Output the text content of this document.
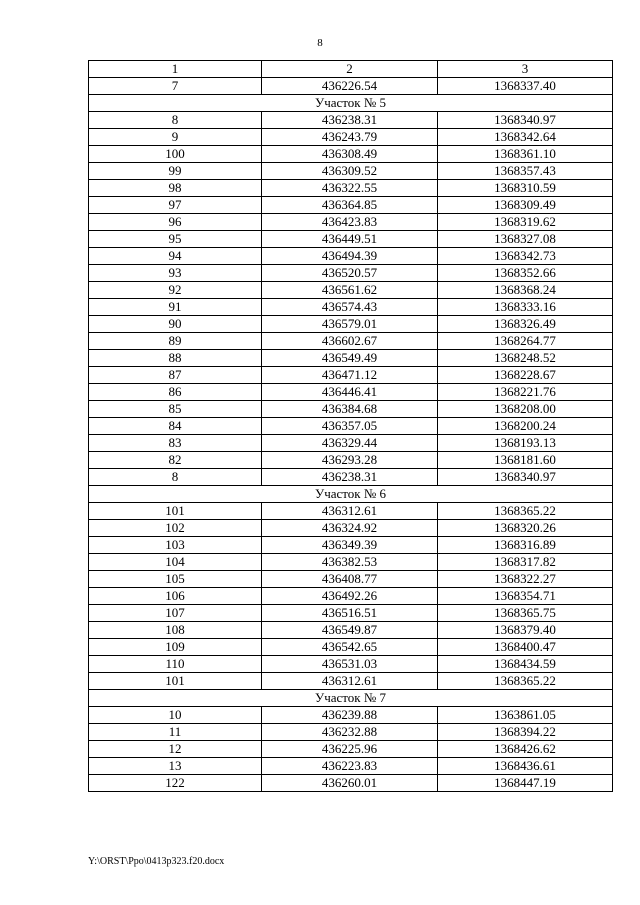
8
1	2	3
7	436226.54	1368337.40
Участок № 5		
8	436238.31	1368340.97
9	436243.79	1368342.64
100	436308.49	1368361.10
99	436309.52	1368357.43
98	436322.55	1368310.59
97	436364.85	1368309.49
96	436423.83	1368319.62
95	436449.51	1368327.08
94	436494.39	1368342.73
93	436520.57	1368352.66
92	436561.62	1368368.24
91	436574.43	1368333.16
90	436579.01	1368326.49
89	436602.67	1368264.77
88	436549.49	1368248.52
87	436471.12	1368228.67
86	436446.41	1368221.76
85	436384.68	1368208.00
84	436357.05	1368200.24
83	436329.44	1368193.13
82	436293.28	1368181.60
8	436238.31	1368340.97
Участок № 6		
101	436312.61	1368365.22
102	436324.92	1368320.26
103	436349.39	1368316.89
104	436382.53	1368317.82
105	436408.77	1368322.27
106	436492.26	1368354.71
107	436516.51	1368365.75
108	436549.87	1368379.40
109	436542.65	1368400.47
110	436531.03	1368434.59
101	436312.61	1368365.22
Участок № 7		
10	436239.88	1363861.05
11	436232.88	1368394.22
12	436225.96	1368426.62
13	436223.83	1368436.61
122	436260.01	1368447.19
Y:\ORST\Ppo\0413p323.f20.docx
